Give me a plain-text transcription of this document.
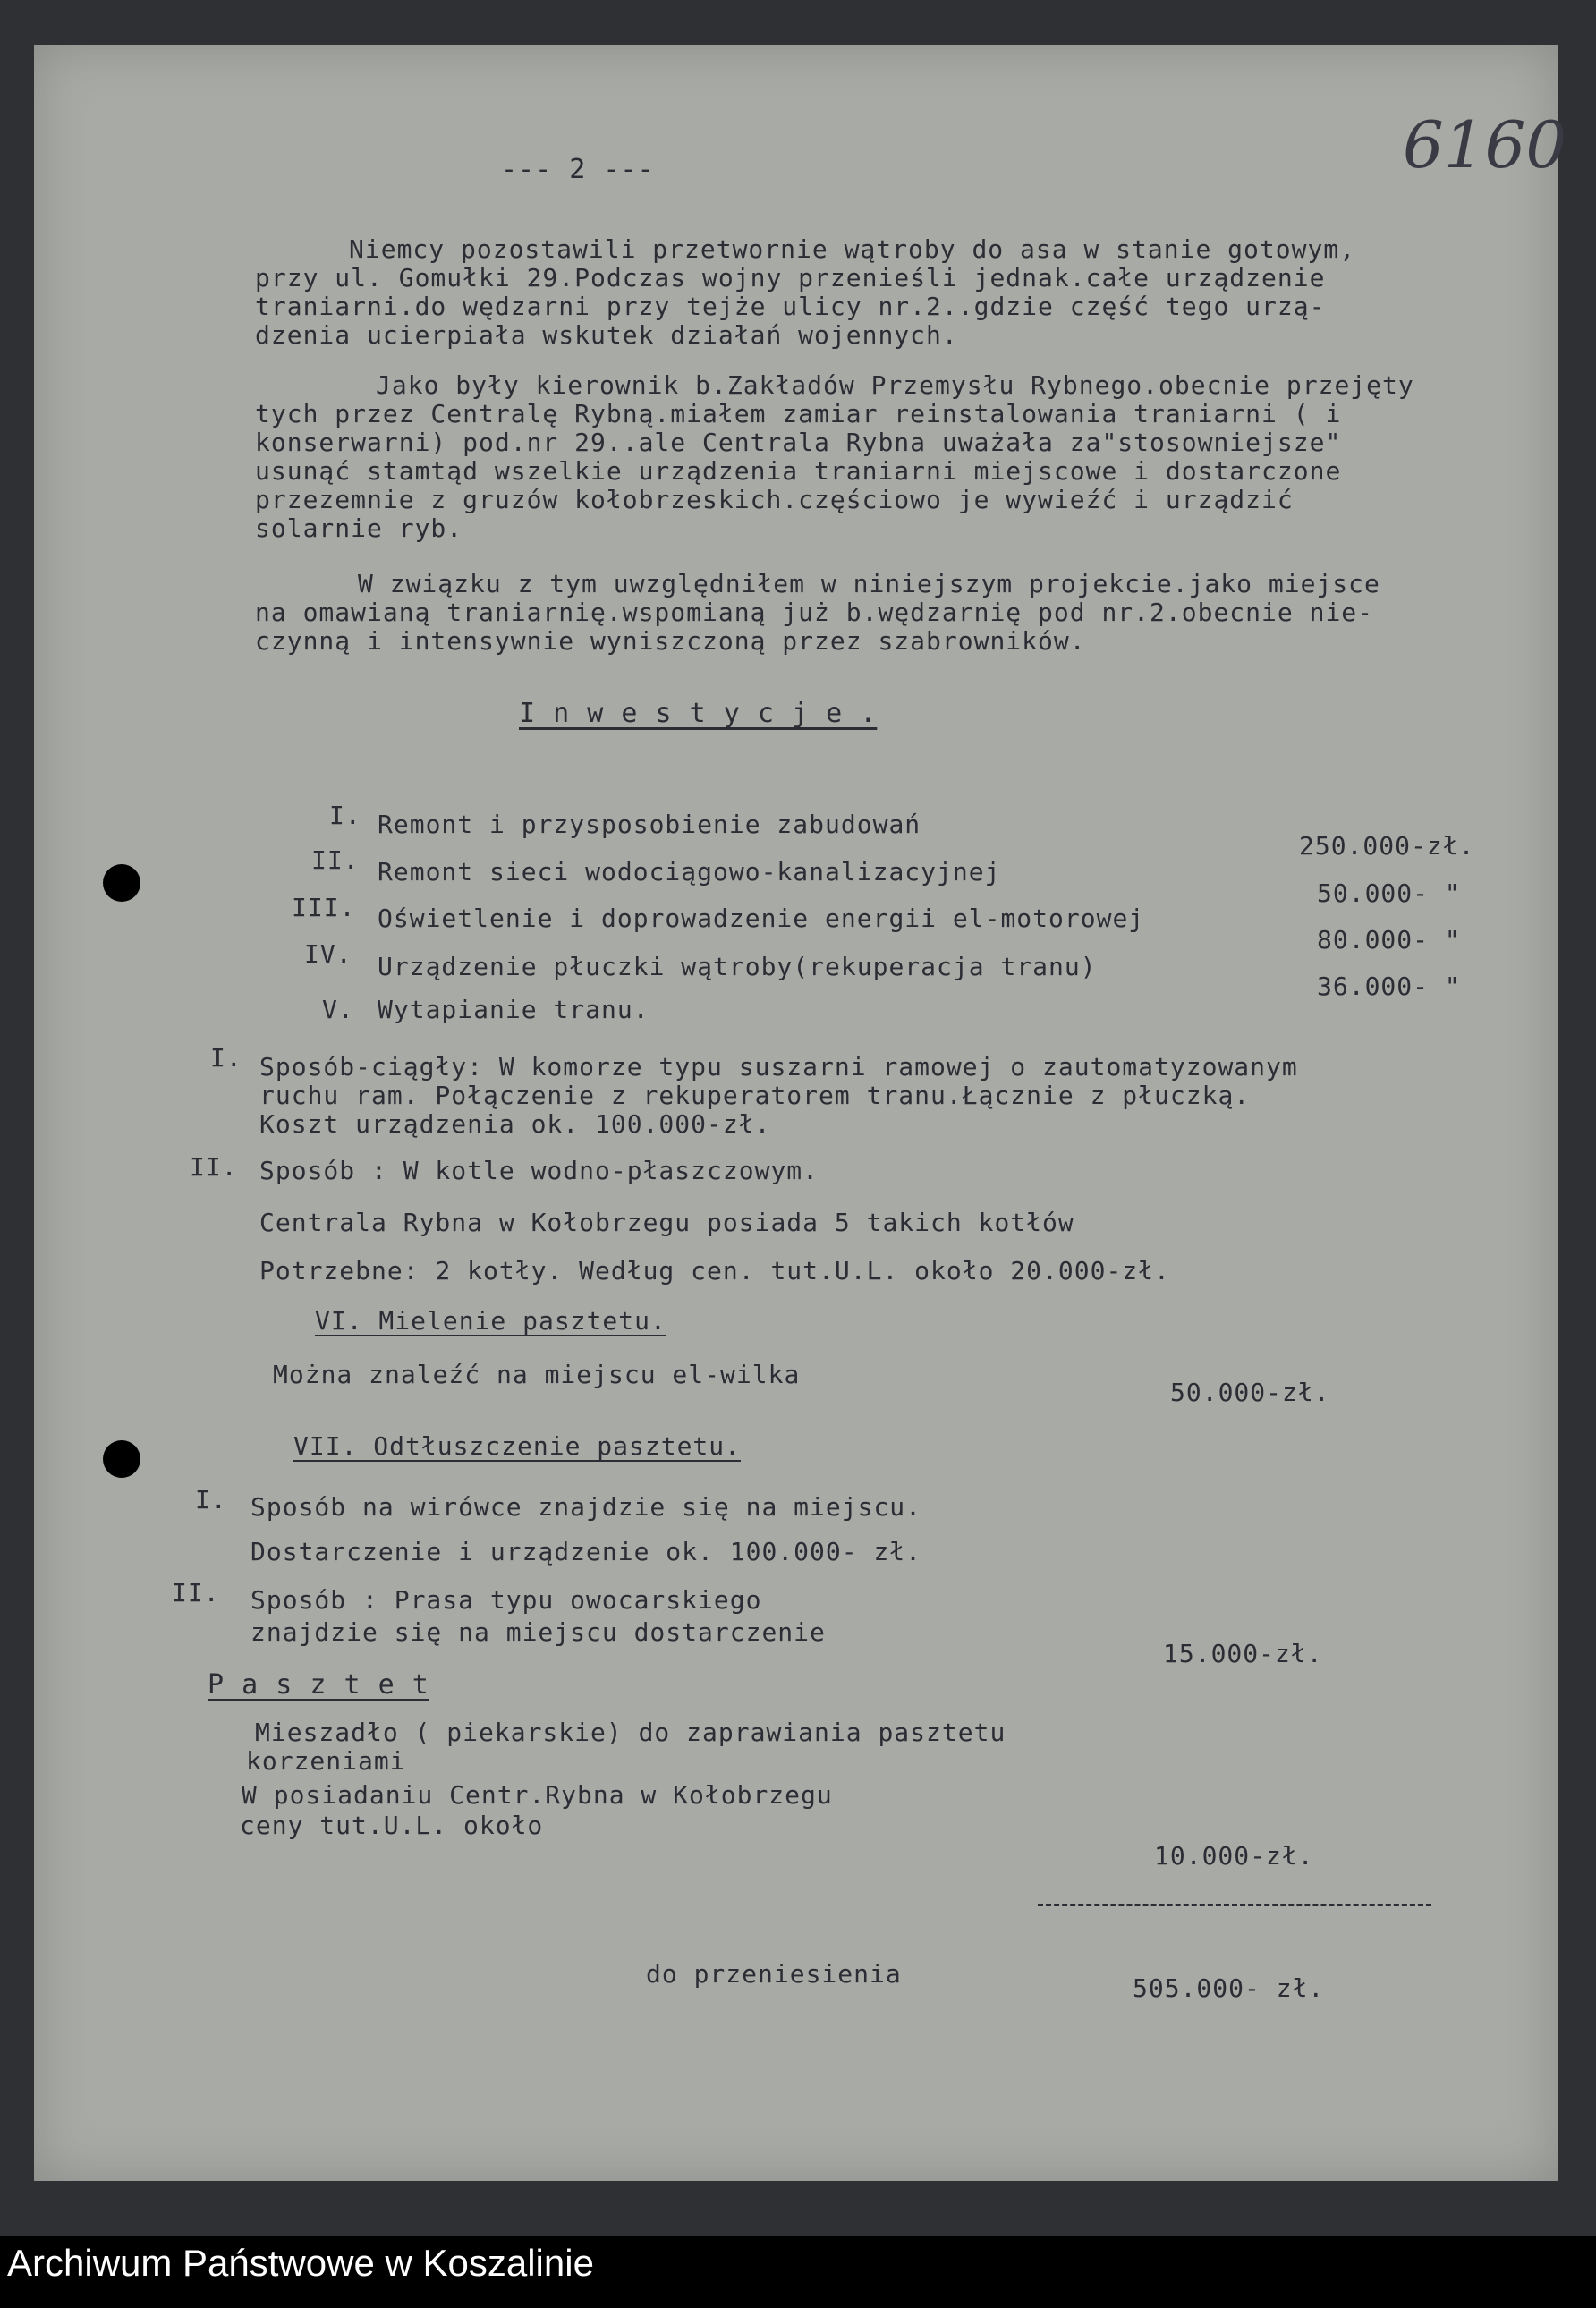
6160
--- 2 ---
Niemcy pozostawili przetwornie wątroby do asa w stanie gotowym,
przy ul. Gomułki 29.Podczas wojny przenieśli jednak.całe urządzenie
traniarni.do wędzarni przy tejże ulicy nr.2..gdzie część tego urzą-
dzenia ucierpiała wskutek działań wojennych.
Jako były kierownik b.Zakładów Przemysłu Rybnego.obecnie przejęty
tych przez Centralę Rybną.miałem zamiar reinstalowania traniarni ( i
konserwarni) pod.nr 29..ale Centrala Rybna uważała za"stosowniejsze"
usunąć stamtąd wszelkie urządzenia traniarni miejscowe i dostarczone
przezemnie z gruzów kołobrzeskich.częściowo je wywieźć i urządzić
solarnie ryb.
W związku z tym uwzględniłem w niniejszym projekcie.jako miejsce
na omawianą traniarnię.wspomianą już b.wędzarnię pod nr.2.obecnie nie-
czynną i intensywnie wyniszczoną przez szabrowników.
I n w e s t y c j e .
I. Remont i przysposobienie zabudowań
250.000-zł.
II. Remont sieci wodociągowo-kanalizacyjnej
50.000- "
III. Oświetlenie i doprowadzenie energii el-motorowej
80.000- "
IV. Urządzenie płuczki wątroby(rekuperacja tranu)
36.000- "
V. Wytapianie tranu.
I. Sposób-ciągły: W komorze typu suszarni ramowej o zautomatyzowanym
ruchu ram. Połączenie z rekuperatorem tranu.Łącznie z płuczką.
Koszt urządzenia ok. 100.000-zł.
II. Sposób : W kotle wodno-płaszczowym.
Centrala Rybna w Kołobrzegu posiada 5 takich kotłów
Potrzebne: 2 kotły. Według cen. tut.U.L. około 20.000-zł.
VI. Mielenie pasztetu.
Można znaleźć na miejscu el-wilka
50.000-zł.
VII. Odtłuszczenie pasztetu.
I. Sposób na wirówce znajdzie się na miejscu.
Dostarczenie i urządzenie ok. 100.000- zł.
II. Sposób : Prasa typu owocarskiego
znajdzie się na miejscu dostarczenie
15.000-zł.
P a s z t e t
Mieszadło ( piekarskie) do zaprawiania pasztetu
korzeniami
W posiadaniu Centr.Rybna w Kołobrzegu
ceny tut.U.L. około
10.000-zł.
do przeniesienia	505.000- zł.
Archiwum Państwowe w Koszalinie
